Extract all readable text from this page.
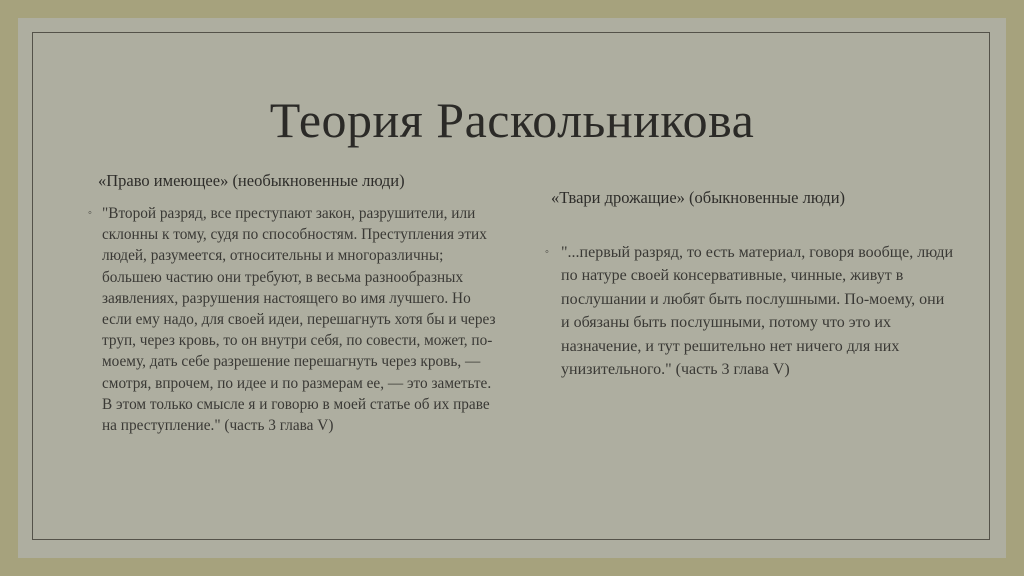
Теория Раскольникова

«Право имеющее» (необыкновенные люди)

◦ "Второй разряд, все преступают закон, разрушители, или склонны к тому, судя по способностям. Преступления этих людей, разумеется, относительны и многоразличны; большею частию они требуют, в весьма разнообразных заявлениях, разрушения настоящего во имя лучшего. Но если ему надо, для своей идеи, перешагнуть хотя бы и через труп, через кровь, то он внутри себя, по совести, может, по-моему, дать себе разрешение перешагнуть через кровь, — смотря, впрочем, по идее и по размерам ее, — это заметьте. В этом только смысле я и говорю в моей статье об их праве на преступление." (часть 3 глава V)

«Твари дрожащие» (обыкновенные люди)

◦ "...первый разряд, то есть материал, говоря вообще, люди по натуре своей консервативные, чинные, живут в послушании и любят быть послушными. По-моему, они и обязаны быть послушными, потому что это их назначение, и тут решительно нет ничего для них унизительного." (часть 3 глава V)
